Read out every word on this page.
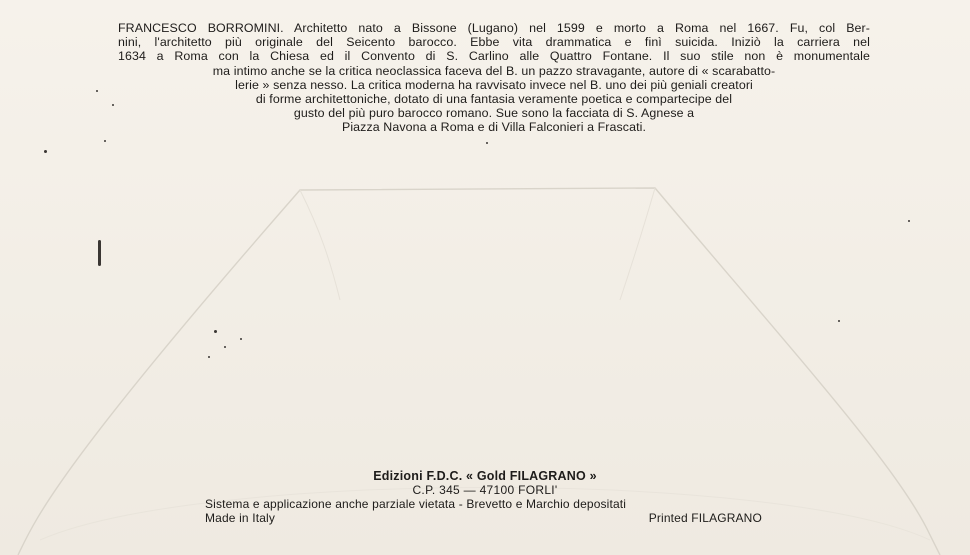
FRANCESCO BORROMINI. Architetto nato a Bissone (Lugano) nel 1599 e morto a Roma nel 1667. Fu, col Ber-
nini, l'architetto più originale del Seicento barocco. Ebbe vita drammatica e finì suicida. Iniziò la carriera nel
1634 a Roma con la Chiesa ed il Convento di S. Carlino alle Quattro Fontane. Il suo stile non è monumentale
ma intimo anche se la critica neoclassica faceva del B. un pazzo stravagante, autore di « scarabatto-
lerie » senza nesso. La critica moderna ha ravvisato invece nel B. uno dei più geniali creatori
di forme architettoniche, dotato di una fantasia veramente poetica e compartecipe del
gusto del più puro barocco romano. Sue sono la facciata di S. Agnese a
Piazza Navona a Roma e di Villa Falconieri a Frascati.
Edizioni F.D.C. « Gold FILAGRANO »
C.P. 345 — 47100 FORLI'
Sistema e applicazione anche parziale vietata - Brevetto e Marchio depositati
Made in Italy	Printed FILAGRANO
